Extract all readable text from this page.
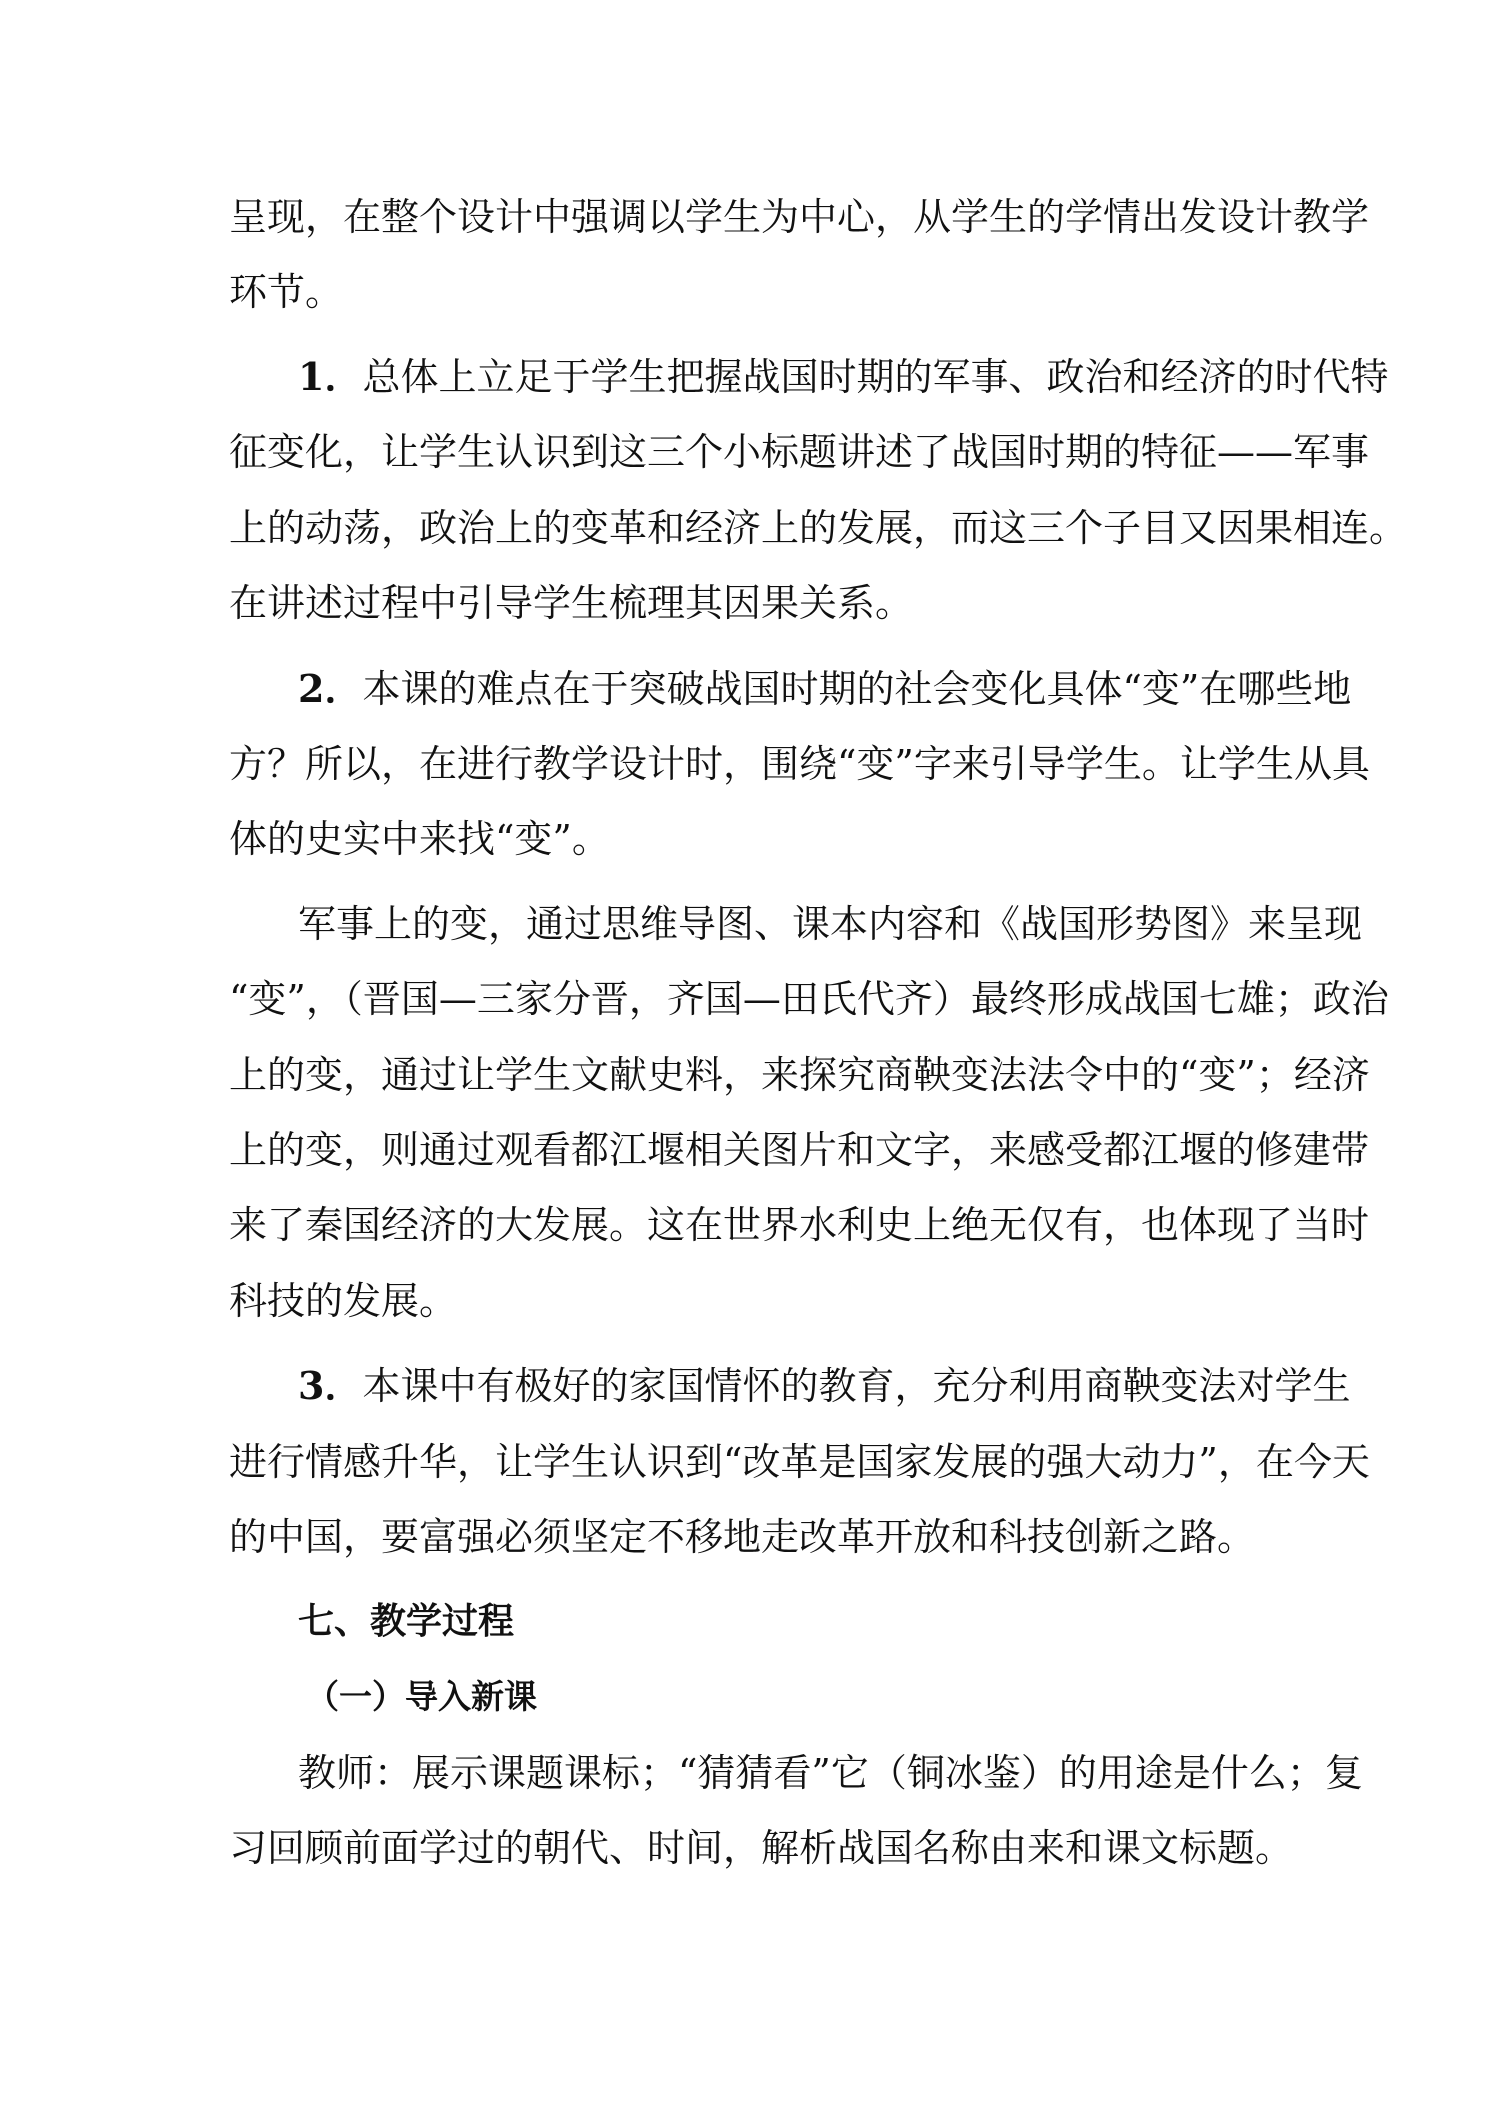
呈现，在整个设计中强调以学生为中心，从学生的学情出发设计教学
环节。
1．总体上立足于学生把握战国时期的军事、政治和经济的时代特
征变化，让学生认识到这三个小标题讲述了战国时期的特征——军事
上的动荡，政治上的变革和经济上的发展，而这三个子目又因果相连。
在讲述过程中引导学生梳理其因果关系。
2．本课的难点在于突破战国时期的社会变化具体“变”在哪些地
方？所以，在进行教学设计时，围绕“变”字来引导学生。让学生从具
体的史实中来找“变”。
军事上的变，通过思维导图、课本内容和《战国形势图》来呈现
“变”，（晋国—三家分晋，齐国—田氏代齐）最终形成战国七雄；政治
上的变，通过让学生文献史料，来探究商鞅变法法令中的“变”；经济
上的变，则通过观看都江堰相关图片和文字，来感受都江堰的修建带
来了秦国经济的大发展。这在世界水利史上绝无仅有，也体现了当时
科技的发展。
3．本课中有极好的家国情怀的教育，充分利用商鞅变法对学生
进行情感升华，让学生认识到“改革是国家发展的强大动力”，在今天
的中国，要富强必须坚定不移地走改革开放和科技创新之路。
七、教学过程
（一）导入新课
教师：展示课题课标；“猜猜看”它（铜冰鉴）的用途是什么；复
习回顾前面学过的朝代、时间，解析战国名称由来和课文标题。
